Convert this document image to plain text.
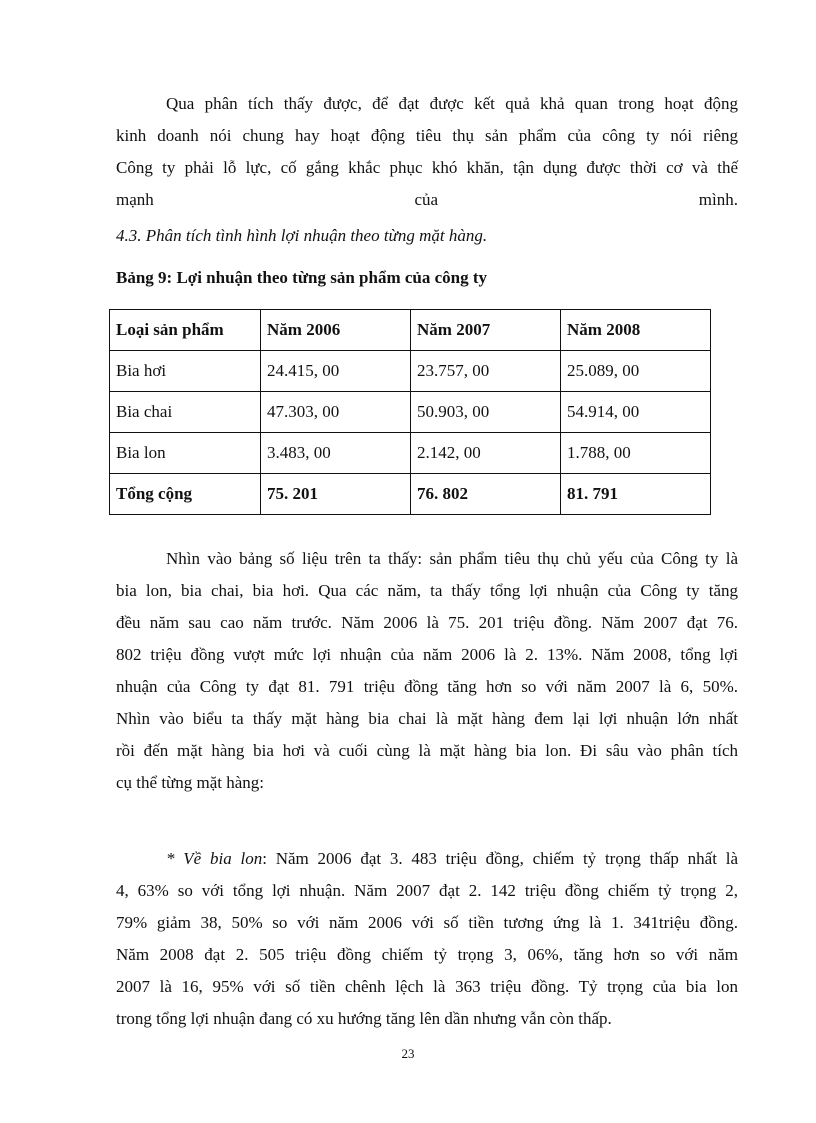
Qua phân tích thấy được, để đạt được kết quả khả quan trong hoạt động

kinh doanh nói chung hay hoạt động tiêu thụ sản phẩm của công ty nói riêng

Công ty phải lỗ lực, cố gắng khắc phục khó khăn, tận dụng được thời cơ và thế

mạnh của mình.

4.3. Phân tích tình hình lợi nhuận theo từng mặt hàng.
Bảng 9: Lợi nhuận theo từng sản phẩm của công ty
Loại sản phẩm	Năm 2006	Năm 2007	Năm 2008
Bia hơi	24.415, 00	23.757, 00	25.089, 00
Bia chai	47.303, 00	50.903, 00	54.914, 00
Bia lon	3.483, 00	2.142, 00	1.788, 00
Tổng cộng	75. 201	76. 802	81. 791

Nhìn vào bảng số liệu trên ta thấy: sản phẩm tiêu thụ chủ yếu của Công ty là

bia lon, bia chai, bia hơi. Qua các năm, ta thấy tổng lợi nhuận của Công ty tăng

đều năm sau cao năm trước. Năm 2006 là 75. 201 triệu đồng. Năm 2007 đạt 76.

802 triệu đồng vượt mức lợi nhuận của năm 2006 là 2. 13%. Năm 2008, tổng lợi

nhuận của Công ty đạt 81. 791 triệu đồng tăng hơn so với năm 2007 là 6, 50%.

Nhìn vào biểu ta thấy mặt hàng bia chai là mặt hàng đem lại lợi nhuận lớn nhất

rồi đến mặt hàng bia hơi và cuối cùng là mặt hàng bia lon. Đi sâu vào phân tích

cụ thể từng mặt hàng:

* Về bia lon: Năm 2006 đạt 3. 483 triệu đồng, chiếm tỷ trọng thấp nhất là

4, 63% so với tổng lợi nhuận. Năm 2007 đạt 2. 142 triệu đồng chiếm tỷ trọng 2,

79% giảm 38, 50% so với năm 2006 với số tiền tương ứng là 1. 341triệu đồng.

Năm 2008 đạt 2. 505 triệu đồng chiếm tỷ trọng 3, 06%, tăng hơn so với năm

2007 là 16, 95% với số tiền chênh lệch là 363 triệu đồng. Tỷ trọng của bia lon

trong tổng lợi nhuận đang có xu hướng tăng lên dần nhưng vẫn còn thấp.

23
